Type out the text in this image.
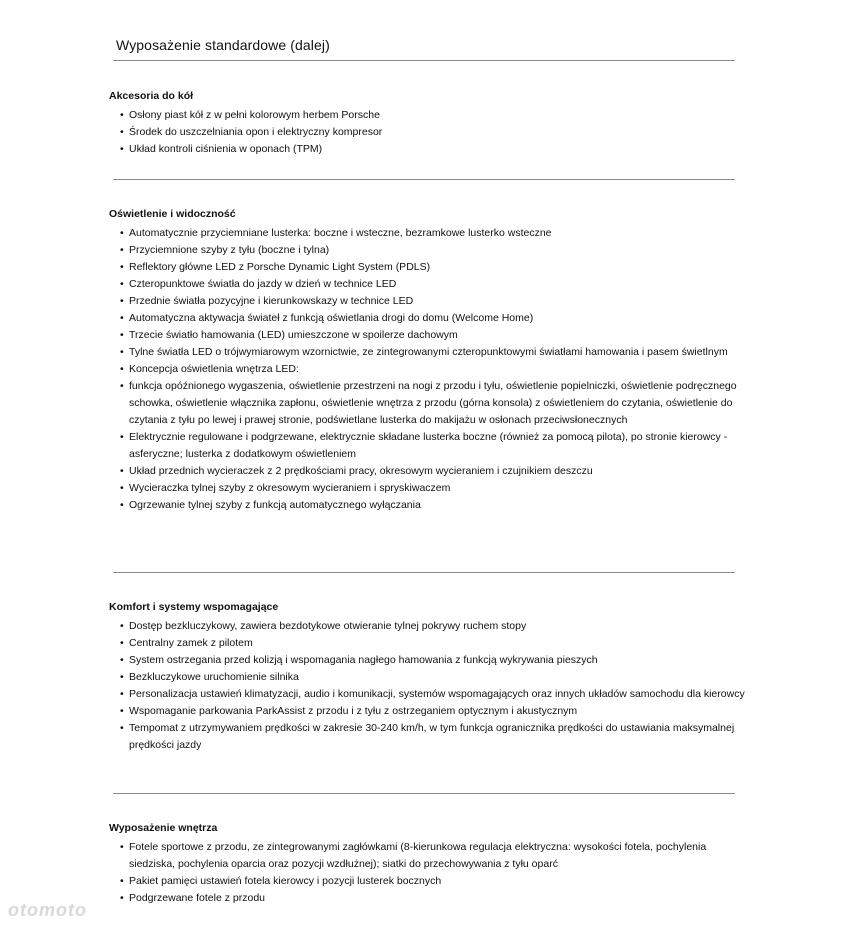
Wyposażenie standardowe (dalej)
Akcesoria do kół
• Osłony piast kół z w pełni kolorowym herbem Porsche
• Środek do uszczelniania opon i elektryczny kompresor
• Układ kontroli ciśnienia w oponach (TPM)
Oświetlenie i widoczność
• Automatycznie przyciemniane lusterka: boczne i wsteczne, bezramkowe lusterko wsteczne
• Przyciemnione szyby z tyłu (boczne i tylna)
• Reflektory główne LED z Porsche Dynamic Light System (PDLS)
• Czteropunktowe światła do jazdy w dzień w technice LED
• Przednie światła pozycyjne i kierunkowskazy w technice LED
• Automatyczna aktywacja świateł z funkcją oświetlania drogi do domu (Welcome Home)
• Trzecie światło hamowania (LED) umieszczone w spoilerze dachowym
• Tylne światła LED o trójwymiarowym wzornictwie, ze zintegrowanymi czteropunktowymi światłami hamowania i pasem świetlnym
• Koncepcja oświetlenia wnętrza LED:
• funkcja opóźnionego wygaszenia, oświetlenie przestrzeni na nogi z przodu i tyłu, oświetlenie popielniczki, oświetlenie podręcznego schowka, oświetlenie włącznika zapłonu, oświetlenie wnętrza z przodu (górna konsola) z oświetleniem do czytania, oświetlenie do czytania z tyłu po lewej i prawej stronie, podświetlane lusterka do makijażu w osłonach przeciwsłonecznych
• Elektrycznie regulowane i podgrzewane, elektrycznie składane lusterka boczne (również za pomocą pilota), po stronie kierowcy - asferyczne; lusterka z dodatkowym oświetleniem
• Układ przednich wycieraczek z 2 prędkościami pracy, okresowym wycieraniem i czujnikiem deszczu
• Wycieraczka tylnej szyby z okresowym wycieraniem i spryskiwaczem
• Ogrzewanie tylnej szyby z funkcją automatycznego wyłączania
Komfort i systemy wspomagające
• Dostęp bezkluczykowy, zawiera bezdotykowe otwieranie tylnej pokrywy ruchem stopy
• Centralny zamek z pilotem
• System ostrzegania przed kolizją i wspomagania nagłego hamowania z funkcją wykrywania pieszych
• Bezkluczykowe uruchomienie silnika
• Personalizacja ustawień klimatyzacji, audio i komunikacji, systemów wspomagających oraz innych układów samochodu dla kierowcy
• Wspomaganie parkowania ParkAssist z przodu i z tyłu z ostrzeganiem optycznym i akustycznym
• Tempomat z utrzymywaniem prędkości w zakresie 30-240 km/h, w tym funkcja ogranicznika prędkości do ustawiania maksymalnej prędkości jazdy
Wyposażenie wnętrza
• Fotele sportowe z przodu, ze zintegrowanymi zagłówkami (8-kierunkowa regulacja elektryczna: wysokości fotela, pochylenia siedziska, pochylenia oparcia oraz pozycji wzdłużnej); siatki do przechowywania z tyłu oparć
• Pakiet pamięci ustawień fotela kierowcy i pozycji lusterek bocznych
• Podgrzewane fotele z przodu
otomoto
